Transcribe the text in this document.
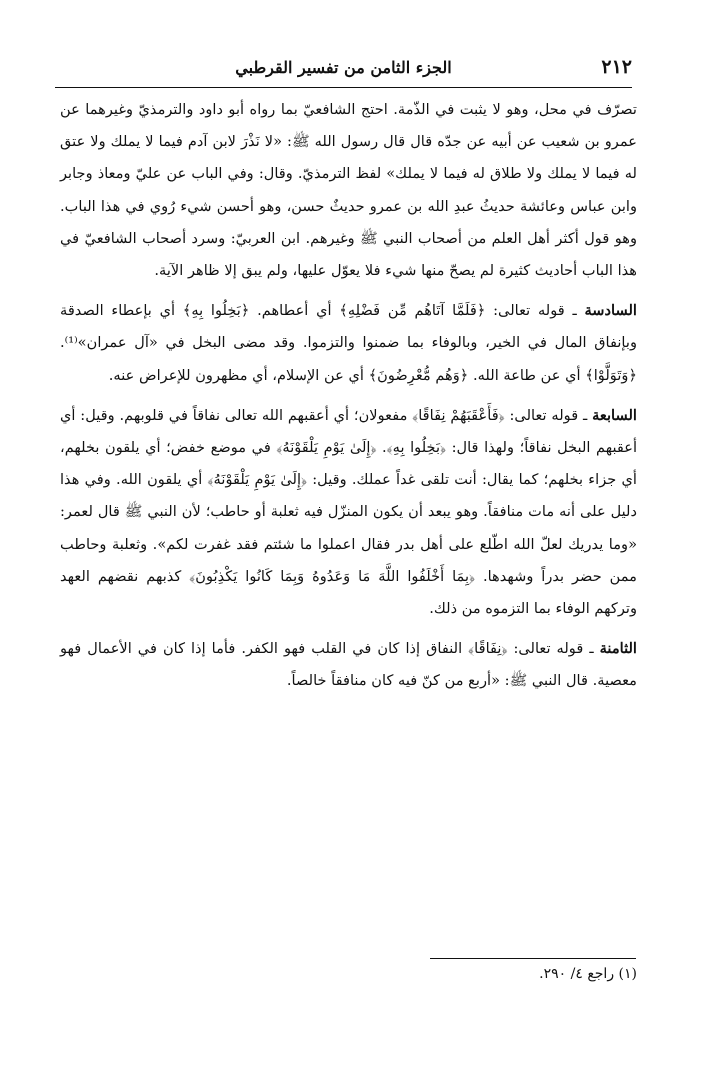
الجزء الثامن من تفسير القرطبي	٢١٢

تصرّف في محل، وهو لا يثبت في الذّمة. احتج الشافعيّ بما رواه أبو داود والترمذيّ وغيرهما عن عمرو بن شعيب عن أبيه عن جدّه قال قال رسول الله ﷺ: «لا نَذْرَ لابن آدم فيما لا يملك ولا عتق له فيما لا يملك ولا طلاق له فيما لا يملك» لفظ الترمذيّ. وقال: وفي الباب عن عليّ ومعاذ وجابر وابن عباس وعائشة حديثُ عبدِ الله بن عمرو حديثٌ حسن، وهو أحسن شيء رُوي في هذا الباب. وهو قول أكثر أهل العلم من أصحاب النبي ﷺ وغيرهم. ابن العربيّ: وسرد أصحاب الشافعيّ في هذا الباب أحاديث كثيرة لم يصحّ منها شيء فلا يعوّل عليها، ولم يبق إلا ظاهر الآية.

السادسة ـ قوله تعالى: ﴿فَلَمَّا آتَاهُم مِّن فَضْلِهِ﴾ أي أعطاهم. ﴿بَخِلُوا بِهِ﴾ أي بإعطاء الصدقة وبإنفاق المال في الخير، وبالوفاء بما ضمنوا والتزموا. وقد مضى البخل في «آل عمران»⁽¹⁾. ﴿وَتَوَلَّوْا﴾ أي عن طاعة الله. ﴿وَهُم مُّعْرِضُونَ﴾ أي عن الإسلام، أي مظهرون للإعراض عنه.

السابعة ـ قوله تعالى: ﴿فَأَعْقَبَهُمْ نِفَاقًا﴾ مفعولان؛ أي أعقبهم الله تعالى نفاقاً في قلوبهم. وقيل: أي أعقبهم البخل نفاقاً؛ ولهذا قال: ﴿بَخِلُوا بِهِ﴾. ﴿إِلَىٰ يَوْمِ يَلْقَوْنَهُ﴾ في موضع خفض؛ أي يلقون بخلهم، أي جزاء بخلهم؛ كما يقال: أنت تلقى غداً عملك. وقيل: ﴿إِلَىٰ يَوْمِ يَلْقَوْنَهُ﴾ أي يلقون الله. وفي هذا دليل على أنه مات منافقاً. وهو يبعد أن يكون المنزّل فيه ثعلبة أو حاطب؛ لأن النبي ﷺ قال لعمر: «وما يدريك لعلّ الله اطّلع على أهل بدر فقال اعملوا ما شئتم فقد غفرت لكم». وثعلبة وحاطب ممن حضر بدراً وشهدها. ﴿بِمَا أَخْلَفُوا اللَّهَ مَا وَعَدُوهُ وَبِمَا كَانُوا يَكْذِبُونَ﴾ كذبهم نقضهم العهد وتركهم الوفاء بما التزموه من ذلك.

الثامنة ـ قوله تعالى: ﴿نِفَاقًا﴾ النفاق إذا كان في القلب فهو الكفر. فأما إذا كان في الأعمال فهو معصية. قال النبي ﷺ: «أربع من كنّ فيه كان منافقاً خالصاً.

(١) راجع ٤/ ٢٩٠.
